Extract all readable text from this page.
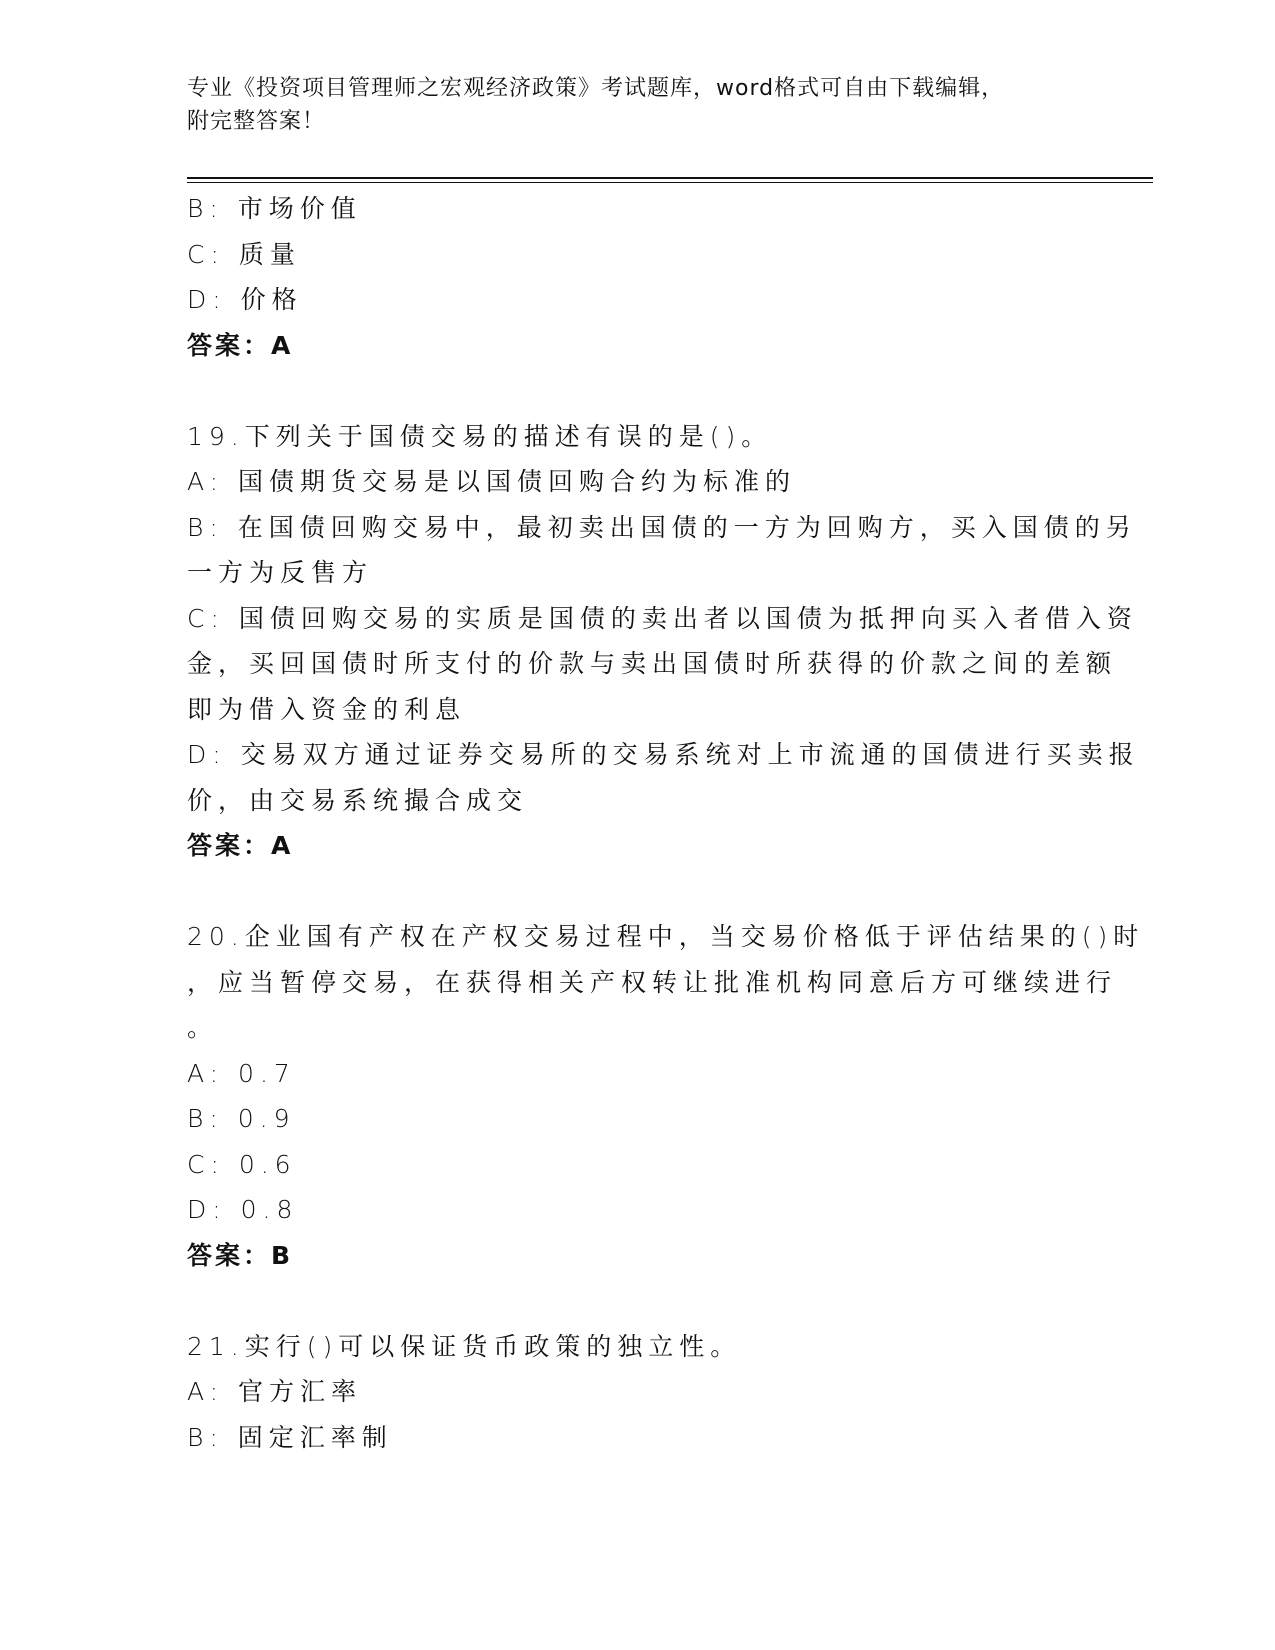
专业《投资项目管理师之宏观经济政策》考试题库，word格式可自由下载编辑，
附完整答案！
B: 市场价值
C: 质量
D: 价格
答案：A
19.下列关于国债交易的描述有误的是()。
A: 国债期货交易是以国债回购合约为标准的
B: 在国债回购交易中，最初卖出国债的一方为回购方，买入国债的另
一方为反售方
C: 国债回购交易的实质是国债的卖出者以国债为抵押向买入者借入资
金，买回国债时所支付的价款与卖出国债时所获得的价款之间的差额
即为借入资金的利息
D: 交易双方通过证券交易所的交易系统对上市流通的国债进行买卖报
价，由交易系统撮合成交
答案：A
20.企业国有产权在产权交易过程中，当交易价格低于评估结果的()时
，应当暂停交易，在获得相关产权转让批准机构同意后方可继续进行
。
A: 0.7
B: 0.9
C: 0.6
D: 0.8
答案：B
21.实行()可以保证货币政策的独立性。
A: 官方汇率
B: 固定汇率制
